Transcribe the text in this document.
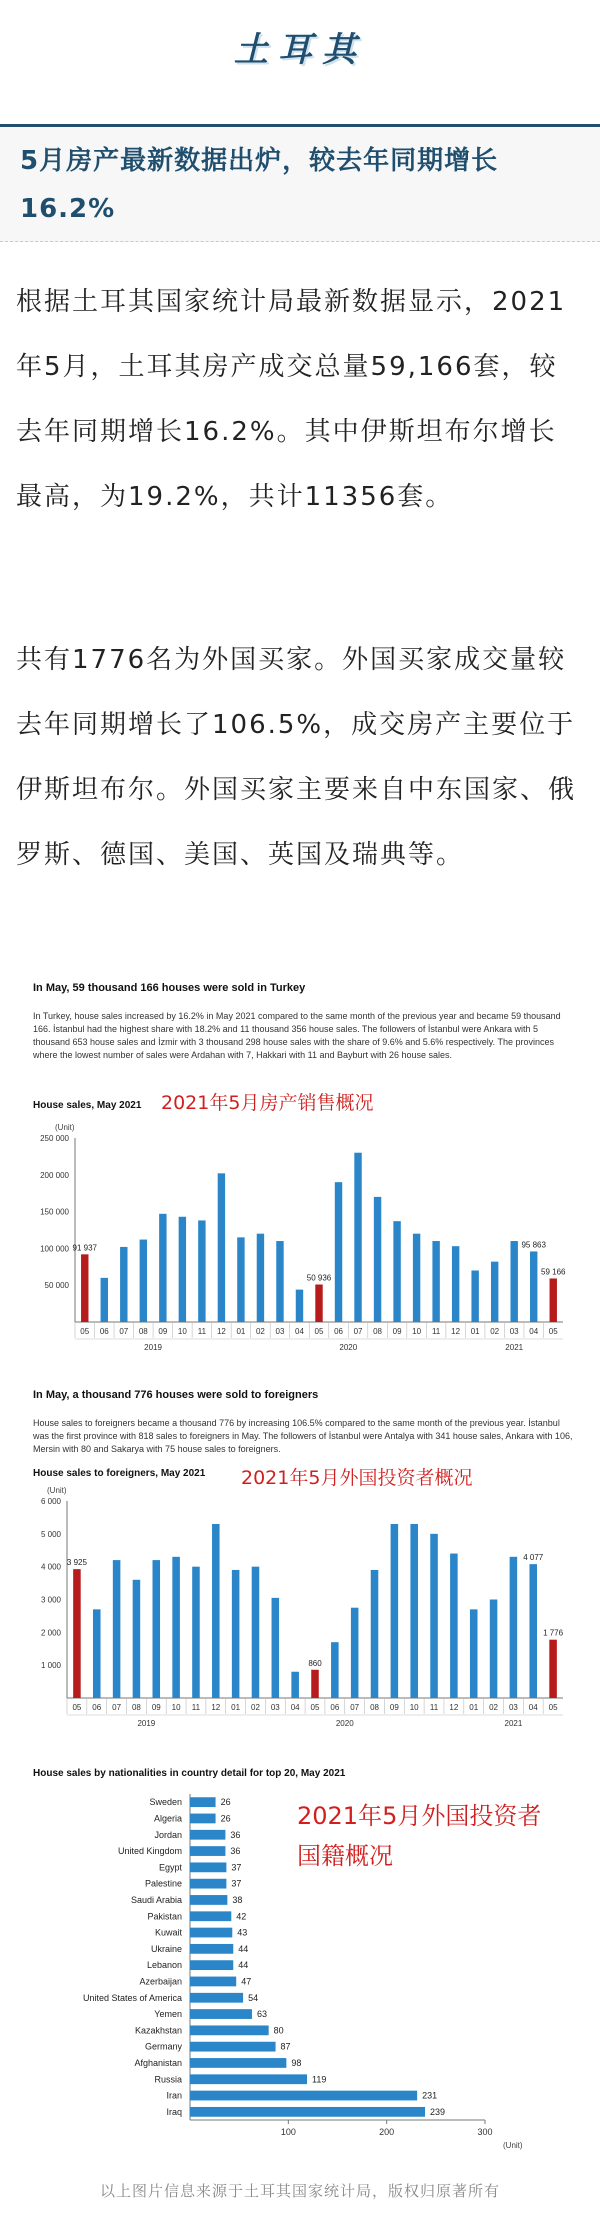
土耳其
5月房产最新数据出炉，较去年同期增长16.2%

根据土耳其国家统计局最新数据显示，2021年5月，土耳其房产成交总量59,166套，较去年同期增长16.2%。其中伊斯坦布尔增长最高，为19.2%，共计11356套。

共有1776名为外国买家。外国买家成交量较去年同期增长了106.5%，成交房产主要位于伊斯坦布尔。外国买家主要来自中东国家、俄罗斯、德国、美国、英国及瑞典等。

In May, 59 thousand 166 houses were sold in Turkey

In Turkey, house sales increased by 16.2% in May 2021 compared to the same month of the previous year and became 59 thousand 166. İstanbul had the highest share with 18.2% and 11 thousand 356 house sales. The followers of İstanbul were Ankara with 5 thousand 653 house sales and İzmir with 3 thousand 298 house sales with the share of 9.6% and 5.6% respectively. The provinces where the lowest number of sales were Ardahan with 7, Hakkari with 11 and Bayburt with 26 house sales.

House sales, May 2021 2021年5月房产销售概况
(Unit)
250 000
200 000
150 000
100 000
50 000
05 06 07 08 09 10 11 12 01 02 03 04 05 06 07 08 09 10 11 12 01 02 03 04 05
91 937
50 936
95 863
59 166
2019	2020	2021
In May, a thousand 776 houses were sold to foreigners

House sales to foreigners became a thousand 776 by increasing 106.5% compared to the same month of the previous year. İstanbul was the first province with 818 sales to foreigners in May. The followers of İstanbul were Antalya with 341 house sales, Ankara with 106, Mersin with 80 and Sakarya with 75 house sales to foreigners.

House sales to foreigners, May 2021 2021年5月外国投资者概况
(Unit)
6 000
5 000
4 000
3 000
2 000
1 000
05 06 07 08 09 10 11 12 01 02 03 04 05 06 07 08 09 10 11 12 01 02 03 04 05
3 925
860
4 077
1 776
2019	2020	2021
House sales by nationalities in country detail for top 20, May 2021
2021年5月外国投资者
国籍概况
Sweden	26
Algeria	26
Jordan	36
United Kingdom	36
Egypt	37
Palestine	37
Saudi Arabia	38
Pakistan	42
Kuwait	43
Ukraine	44
Lebanon	44
Azerbaijan	47
United States of America	54
Yemen	63
Kazakhstan	80
Germany	87
Afghanistan	98
Russia	119
Iran	231
Iraq	239
100	200	300
(Unit)
以上图片信息来源于土耳其国家统计局，版权归原著所有
